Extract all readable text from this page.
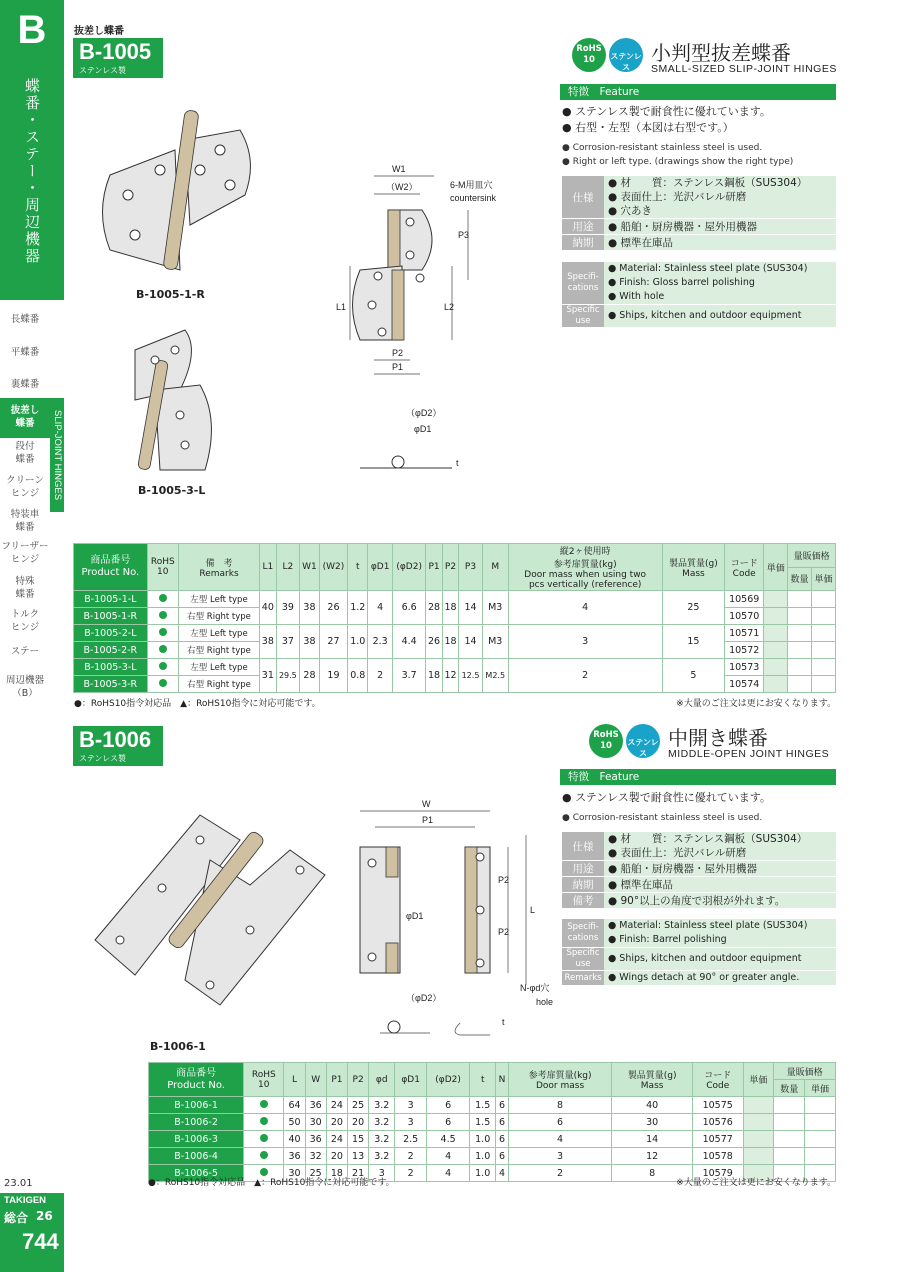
B
蝶番・ステー・周辺機器
長蝶番
平蝶番
裏蝶番
段付
蝶番
クリーン
ヒンジ
特装車
蝶番
フリーザー
ヒンジ
特殊
蝶番
トルク
ヒンジ
ステー
周辺機器
（B）
抜差し
蝶番	SLIP-JOINT HINGES
23.01
TAKIGEN
総合 26
744
抜差し蝶番
B-1005
ステンレス製
RoHS
10	ステンレス
小判型抜差蝶番
SMALL-SIZED SLIP-JOINT HINGES
特徴　Feature
● ステンレス製で耐食性に優れています。
● 右型・左型（本図は右型です。）
● Corrosion-resistant stainless steel is used.
● Right or left type. (drawings show the right type)
仕様	● 材　　質：ステンレス鋼板（SUS304）
● 表面仕上：光沢バレル研磨
● 穴あき
用途	● 船舶・厨房機器・屋外用機器
納期	● 標準在庫品
Specifi-
cations	● Material: Stainless steel plate (SUS304)
● Finish: Gloss barrel polishing
● With hole
Specific use	● Ships, kitchen and outdoor equipment
B-1005-1-R
B-1005-3-L
W1
（W2）	6-M用皿穴
countersink
L1	L2
P3
P2
P1
（φD2）
φD1
t
商品番号
Product No.	RoHS
10	備　考
Remarks	L1	L2	W1	(W2)	t	φD1	(φD2)	P1	P2	P3	M	縦2ヶ使用時
参考扉質量(kg)
Door mass when using two
pcs vertically (reference)	製品質量(g)
Mass	コード
Code	単価	量販価格	
																		数量	単価
B-1005-1-L		左型 Left type	40	39	38	26	1.2	4	6.6	28	18	14	M3	4	25	10569			
B-1005-1-R		右型 Right type														10570			
B-1005-2-L		左型 Left type	38	37	38	27	1.0	2.3	4.4	26	18	14	M3	3	15	10571			
B-1005-2-R		右型 Right type														10572			
B-1005-3-L		左型 Left type	31	29.5	28	19	0.8	2	3.7	18	12	12.5	M2.5	2	5	10573			
B-1005-3-R		右型 Right type														10574			
●：RoHS10指令対応品　▲：RoHS10指令に対応可能です。	※大量のご注文は更にお安くなります。
B-1006
ステンレス製
RoHS
10	ステンレス
中開き蝶番
MIDDLE-OPEN JOINT HINGES
特徴　Feature
● ステンレス製で耐食性に優れています。
● Corrosion-resistant stainless steel is used.
仕様	● 材　　質：ステンレス鋼板（SUS304）
● 表面仕上：光沢バレル研磨
用途	● 船舶・厨房機器・屋外用機器
納期	● 標準在庫品
備考	● 90°以上の角度で羽根が外れます。
Specifi-
cations	● Material: Stainless steel plate (SUS304)
● Finish: Barrel polishing
Specific use	● Ships, kitchen and outdoor equipment
Remarks	● Wings detach at 90° or greater angle.
B-1006-1
W
P1
P2
P2
L
φD1
N-φd穴
hole
（φD2）
t
商品番号
Product No.	RoHS
10	L	W	P1	P2	φd	φD1	(φD2)	t	N	参考扉質量(kg)
Door mass	製品質量(g)
Mass	コード
Code	単価	量販価格	
															数量	単価
B-1006-1		64	36	24	25	3.2	3	6	1.5	6	8	40	10575			
B-1006-2		50	30	20	20	3.2	3	6	1.5	6	6	30	10576			
B-1006-3		40	36	24	15	3.2	2.5	4.5	1.0	6	4	14	10577			
B-1006-4		36	32	20	13	3.2	2	4	1.0	6	3	12	10578			
B-1006-5		30	25	18	21	3	2	4	1.0	4	2	8	10579			
●：RoHS10指令対応品　▲：RoHS10指令に対応可能です。	※大量のご注文は更にお安くなります。
